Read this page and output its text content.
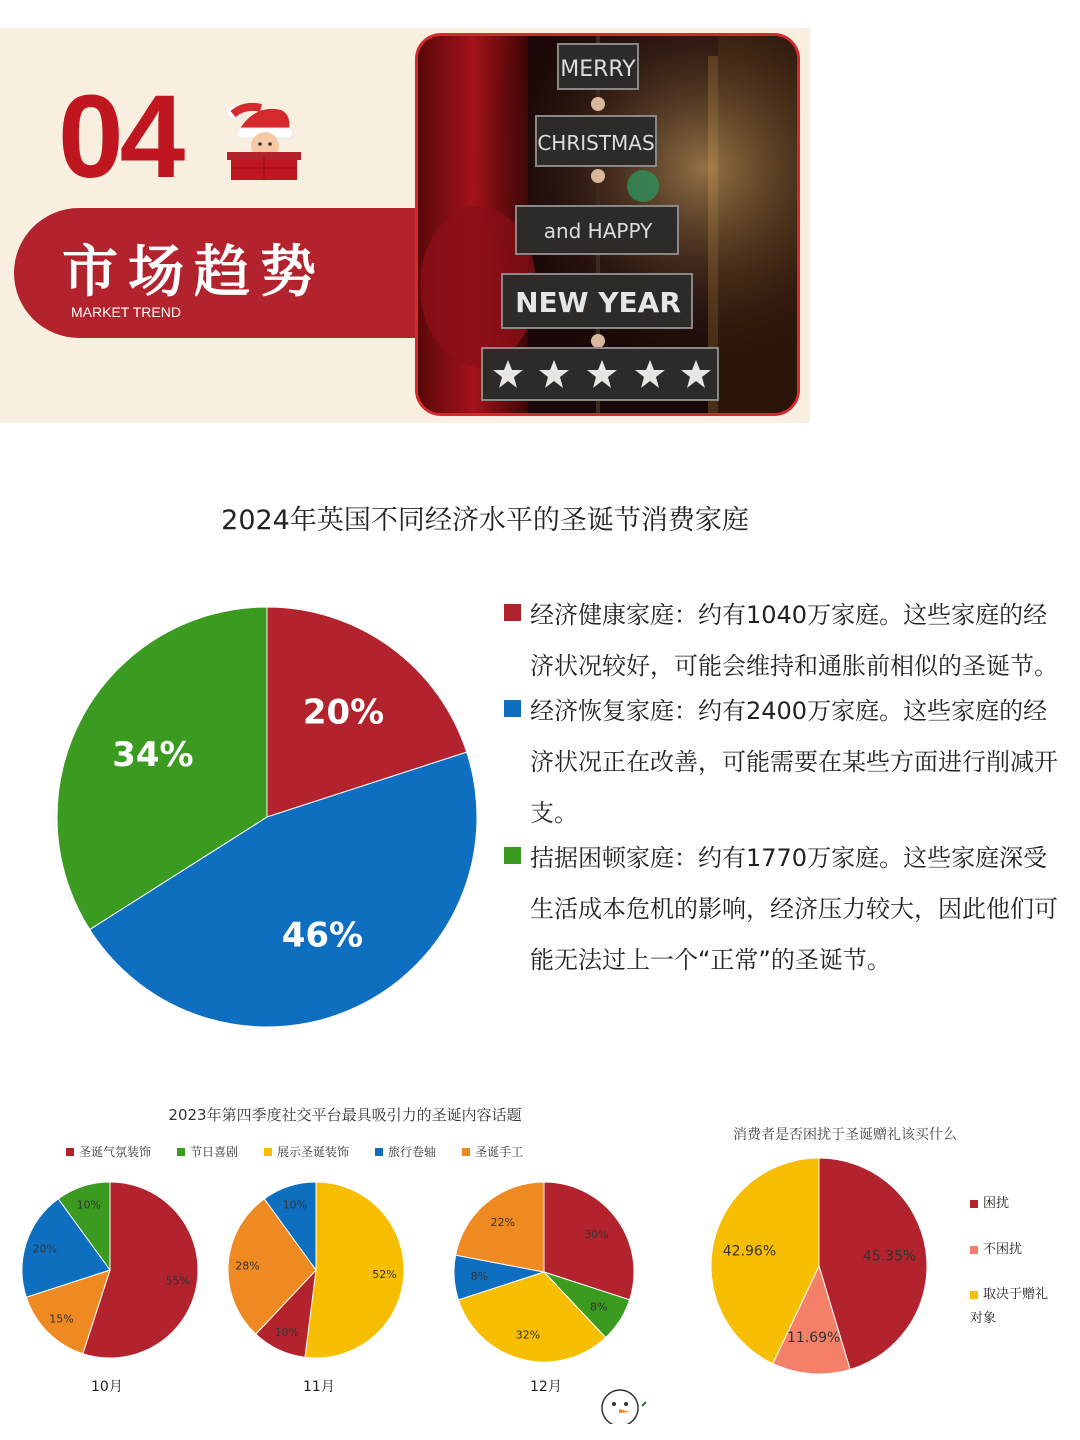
04
市场趋势
MARKET TREND
MERRY
CHRISTMAS
and HAPPY
NEW YEAR
2024年英国不同经济水平的圣诞节消费家庭
20%
46%
34%
经济健康家庭：约有1040万家庭。这些家庭的经济状况较好，可能会维持和通胀前相似的圣诞节。
经济恢复家庭：约有2400万家庭。这些家庭的经济状况正在改善，可能需要在某些方面进行削减开支。
拮据困顿家庭：约有1770万家庭。这些家庭深受生活成本危机的影响，经济压力较大，因此他们可能无法过上一个“正常”的圣诞节。
2023年第四季度社交平台最具吸引力的圣诞内容话题
圣诞气氛装饰	节日喜剧	展示圣诞装饰	旅行卷轴	圣诞手工
55%
15%
20%
10%
52%
10%
28%
10%
30%
8%
32%
8%
22%
10月	11月	12月
消费者是否困扰于圣诞赠礼该买什么
45.35%
11.69%
42.96%
困扰
不困扰
取决于赠礼对象
